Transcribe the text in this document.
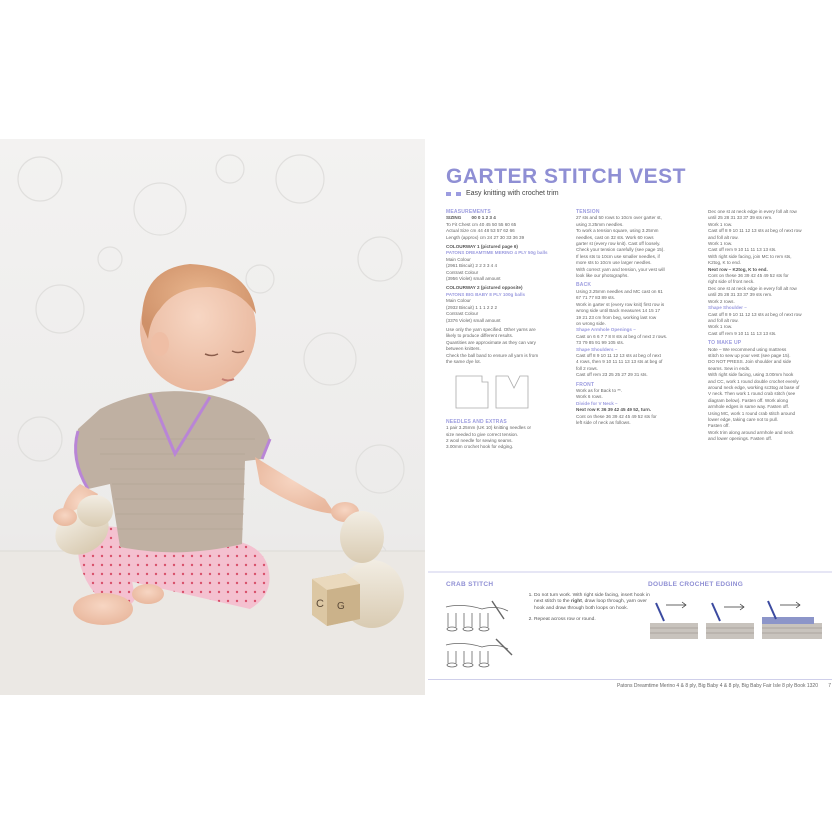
C G
GARTER STITCH VEST
Easy knitting with crochet trim
MEASUREMENTS
SIZING 00 0 1 2 3 4
To Fit Chest cm 40 45 50 55 60 65
Actual Size cm 44 48 53 57 62 66
Length (approx) cm 24 27 30 33 36 39
COLOURWAY 1 (pictured page 6)
PATONS DREAMTIME MERINO 4 PLY 50g balls
Main Colour
(2961 Biscuit) 2 2 3 3 4 4
Contrast Colour
(3956 Violet) small amount
COLOURWAY 2 (pictured opposite)
PATONS BIG BABY 8 PLY 100g balls
Main Colour
(2932 Biscuit) 1 1 1 2 2 2
Contrast Colour
(3376 Violet) small amount
Use only the yarn specified. Other yarns are
likely to produce different results.
Quantities are approximate as they can vary
between knitters.
Check the ball band to ensure all yarn is from
the same dye lot.
NEEDLES AND EXTRAS
1 pair 3.25mm (UK 10) knitting needles or
size needed to give correct tension.
2 wool needle for sewing seams.
3.00mm crochet hook for edging.
TENSION
27 sts and 50 rows to 10cm over garter st,
using 3.25mm needles.
To work a tension square, using 3.25mm
needles, cast on 32 sts. Work 60 rows
garter st (every row knit). Cast off loosely.
Check your tension carefully (see page 15).
If less sts to 10cm use smaller needles, if
more sts to 10cm use larger needles.
With correct yarn and tension, your vest will
look like our photographs.
BACK
Using 3.25mm needles and MC cast on 61
67 71 77 83 89 sts.
Work in garter st (every row knit) first row is
wrong side until Back measures 14 15 17
19 21 23 cm from beg, working last row
on wrong side.
Shape Armhole Openings –
Cast on 6 6 7 7 8 8 sts at beg of next 2 rows.
73 79 85 91 99 105 sts.
Shape Shoulders –
Cast off 8 9 10 11 12 13 sts at beg of next
4 rows, then 9 10 11 11 13 13 sts at beg of
foll 2 rows.
Cast off rem 23 25 25 27 29 31 sts.
FRONT
Work as for Back to **.
Work 6 rows.
Divide for V Neck –
Next row K 36 39 42 45 49 52, turn.
Cont on these 36 39 42 45 49 52 sts for
left side of neck as follows.
Dec one st at neck edge in every foll alt row
until 25 28 31 33 37 39 sts rem.
Work 1 row.
Cast off 8 9 10 11 12 13 sts at beg of next row
and foll alt row.
Work 1 row.
Cast off rem 9 10 11 11 13 13 sts.
With right side facing, join MC to rem sts,
K2tog, K to end.
Next row – K2tog, K to end.
Cont on these 36 39 42 45 49 52 sts for
right side of front neck.
Dec one st at neck edge in every foll alt row
until 25 28 31 33 37 39 sts rem.
Work 2 rows.
Shape Shoulder –
Cast off 8 9 10 11 12 13 sts at beg of next row
and foll alt row.
Work 1 row.
Cast off rem 9 10 11 11 13 13 sts.
TO MAKE UP
Note – We recommend using mattress
stitch to sew up your vest (see page 15).
DO NOT PRESS. Join shoulder and side
seams. Sew in ends.
With right side facing, using 3.00mm hook
and CC, work 1 round double crochet evenly
around neck edge, working sc3tog at base of
V neck. Then work 1 round crab stitch (see
diagram below). Fasten off. Work along
armhole edges in same way. Fasten off.
Using MC, work 1 round crab stitch around
lower edge, taking care not to pull.
Fasten off.
Work trim along around armhole and neck
and lower openings. Fasten off.
CRAB STITCH
1. Do not turn work. With right side facing, insert hook in next stitch to the right, draw loop through, yarn over hook and draw through both loops on hook.
2. Repeat across row or round.
DOUBLE CROCHET EDGING
Patons Dreamtime Merino 4 & 8 ply, Big Baby 4 & 8 ply, Big Baby Fair Isle 8 ply Book 1320 7
